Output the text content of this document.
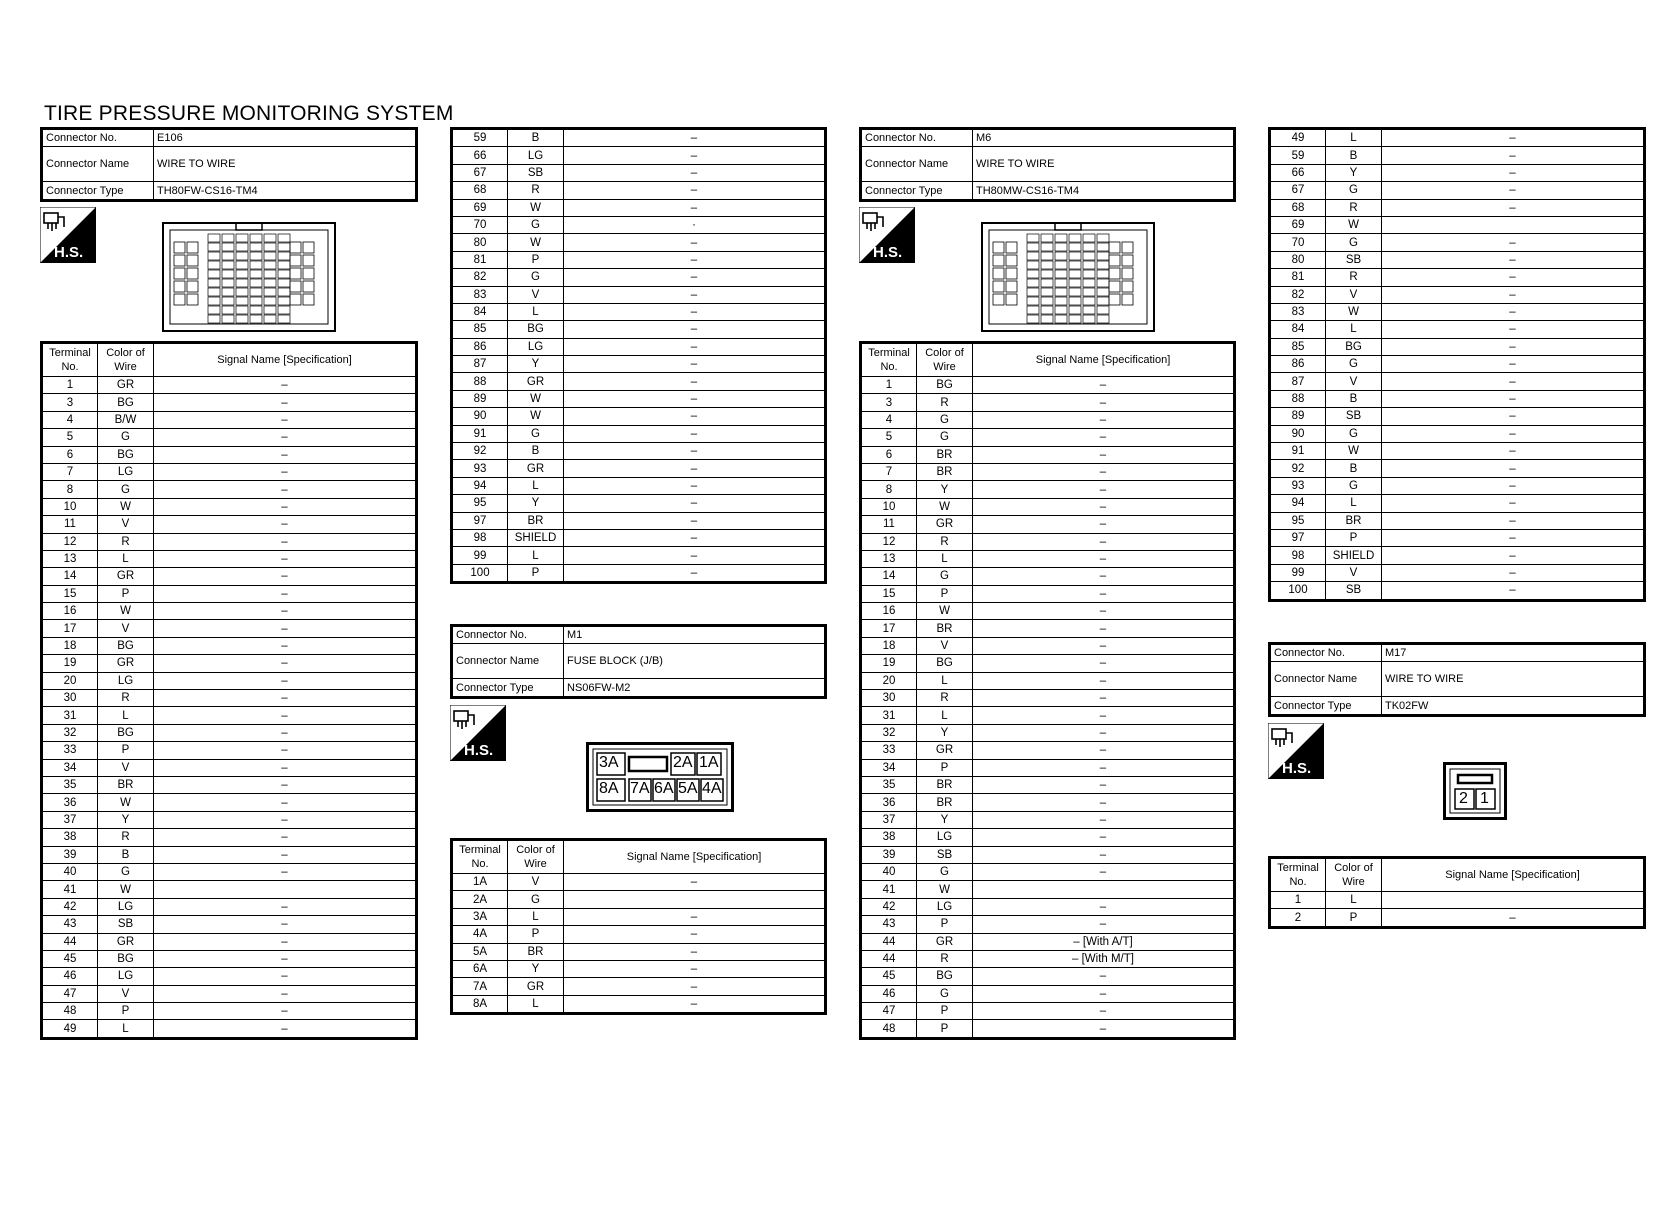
TIRE PRESSURE MONITORING SYSTEM
Connector No.	E106
Connector Name	WIRE TO WIRE
Connector Type	TH80FW-CS16-TM4
H.S.
Terminal No.	Color of Wire	Signal Name [Specification]
1	GR	–
3	BG	–
4	B/W	–
5	G	–
6	BG	–
7	LG	–
8	G	–
10	W	–
11	V	–
12	R	–
13	L	–
14	GR	–
15	P	–
16	W	–
17	V	–
18	BG	–
19	GR	–
20	LG	–
30	R	–
31	L	–
32	BG	–
33	P	–
34	V	–
35	BR	–
36	W	–
37	Y	–
38	R	–
39	B	–
40	G	–
41	W	
42	LG	–
43	SB	–
44	GR	–
45	BG	–
46	LG	–
47	V	–
48	P	–
49	L	–
59	B	–
66	LG	–
67	SB	–
68	R	–
69	W	–
70	G	·
80	W	–
81	P	–
82	G	–
83	V	–
84	L	–
85	BG	–
86	LG	–
87	Y	–
88	GR	–
89	W	–
90	W	–
91	G	–
92	B	–
93	GR	–
94	L	–
95	Y	–
97	BR	–
98	SHIELD	–
99	L	–
100	P	–
Connector No.	M1
Connector Name	FUSE BLOCK (J/B)
Connector Type	NS06FW-M2
H.S.
3A	2A 1A
8A 7A 6A 5A 4A
Terminal No.	Color of Wire	Signal Name [Specification]
1A	V	–
2A	G	
3A	L	–
4A	P	–
5A	BR	–
6A	Y	–
7A	GR	–
8A	L	–
Connector No.	M6
Connector Name	WIRE TO WIRE
Connector Type	TH80MW-CS16-TM4
H.S.
Terminal No.	Color of Wire	Signal Name [Specification]
1	BG	–
3	R	–
4	G	–
5	G	–
6	BR	–
7	BR	–
8	Y	–
10	W	–
11	GR	–
12	R	–
13	L	–
14	G	–
15	P	–
16	W	–
17	BR	–
18	V	–
19	BG	–
20	L	–
30	R	–
31	L	–
32	Y	–
33	GR	–
34	P	–
35	BR	–
36	BR	–
37	Y	–
38	LG	–
39	SB	–
40	G	–
41	W	
42	LG	–
43	P	–
44	GR	– [With A/T]
44	R	– [With M/T]
45	BG	–
46	G	–
47	P	–
48	P	–
49	L	–
59	B	–
66	Y	–
67	G	–
68	R	–
69	W	
70	G	–
80	SB	–
81	R	–
82	V	–
83	W	–
84	L	–
85	BG	–
86	G	–
87	V	–
88	B	–
89	SB	–
90	G	–
91	W	–
92	B	–
93	G	–
94	L	–
95	BR	–
97	P	–
98	SHIELD	–
99	V	–
100	SB	–
Connector No.	M17
Connector Name	WIRE TO WIRE
Connector Type	TK02FW
H.S.
2 1
Terminal No.	Color of Wire	Signal Name [Specification]
1	L	
2	P	–
